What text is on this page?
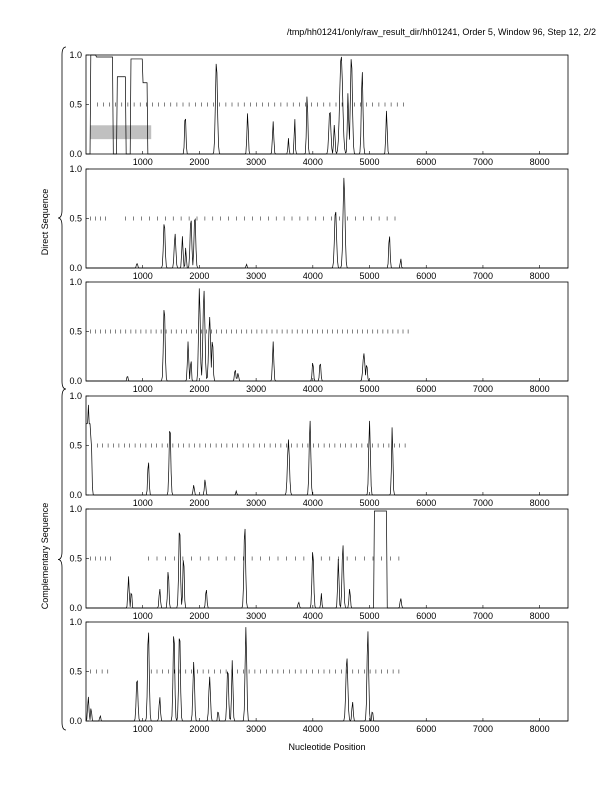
/tmp/hh01241/only/raw_result_dir/hh01241, Order 5, Window 96, Step 12, 2/2
0.0
0.5
1.0
1000	2000	3000	4000	5000	6000	7000	8000
0.0
0.5
1.0
1000	2000	3000	4000	5000	6000	7000	8000
0.0
0.5
1.0
1000	2000	3000	4000	5000	6000	7000	8000
0.0
0.5
1.0
1000	2000	3000	4000	5000	6000	7000	8000
0.0
0.5
1.0
1000	2000	3000	4000	5000	6000	7000	8000
0.0
0.5
1.0
1000	2000	3000	4000	5000	6000	7000	8000
Direct Sequence
Complementary Sequence
Nucleotide Position
